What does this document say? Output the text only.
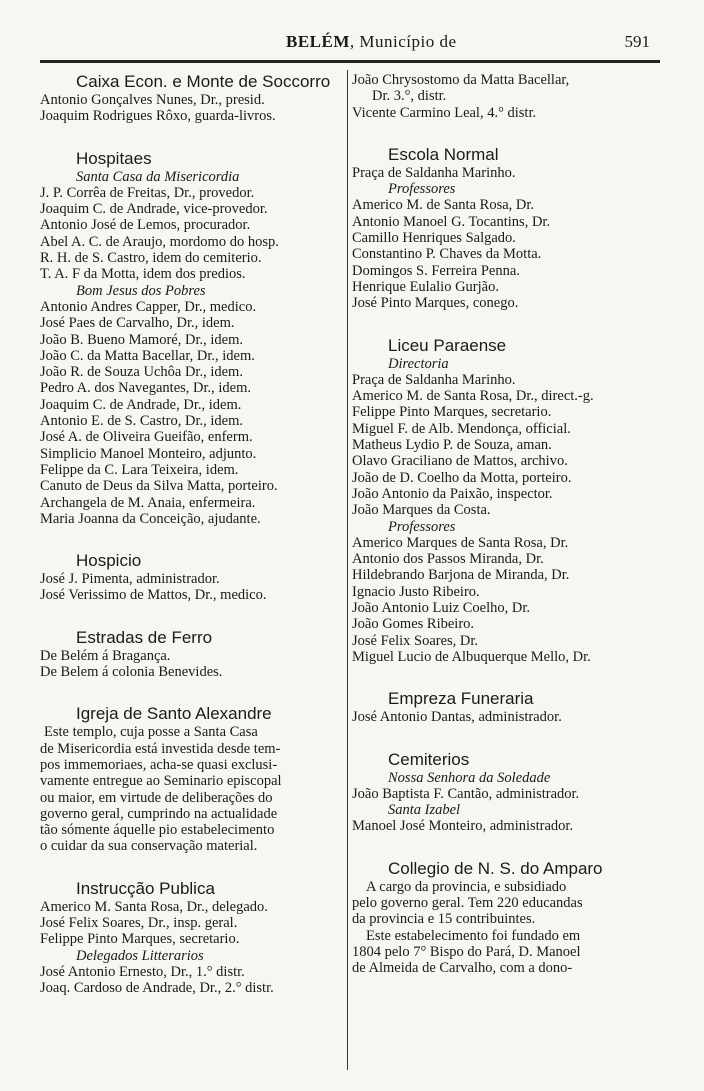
BELÉM, Município de	591
Caixa Econ. e Monte de Soccorro
Antonio Gonçalves Nunes, Dr., presid.
Joaquim Rodrigues Rôxo, guarda-livros.
Hospitaes
Santa Casa da Misericordia
J. P. Corrêa de Freitas, Dr., provedor.
Joaquim C. de Andrade, vice-provedor.
Antonio José de Lemos, procurador.
Abel A. C. de Araujo, mordomo do hosp.
R. H. de S. Castro, idem do cemiterio.
T. A. F da Motta, idem dos predios.
Bom Jesus dos Pobres
Antonio Andres Capper, Dr., medico.
José Paes de Carvalho, Dr., idem.
João B. Bueno Mamoré, Dr., idem.
João C. da Matta Bacellar, Dr., idem.
João R. de Souza Uchôa Dr., idem.
Pedro A. dos Navegantes, Dr., idem.
Joaquim C. de Andrade, Dr., idem.
Antonio E. de S. Castro, Dr., idem.
José A. de Oliveira Gueifão, enferm.
Simplicio Manoel Monteiro, adjunto.
Felippe da C. Lara Teixeira, idem.
Canuto de Deus da Silva Matta, porteiro.
Archangela de M. Anaia, enfermeira.
Maria Joanna da Conceição, ajudante.
Hospicio
José J. Pimenta, administrador.
José Verissimo de Mattos, Dr., medico.
Estradas de Ferro
De Belém á Bragança.
De Belem á colonia Benevides.
Igreja de Santo Alexandre
Este templo, cuja posse a Santa Casa
de Misericordia está investida desde tem-
pos immemoriaes, acha-se quasi exclusi-
vamente entregue ao Seminario episcopal
ou maior, em virtude de deliberações do
governo geral, cumprindo na actualidade
tão sómente áquelle pio estabelecimento
o cuidar da sua conservação material.
Instrucção Publica
Americo M. Santa Rosa, Dr., delegado.
José Felix Soares, Dr., insp. geral.
Felippe Pinto Marques, secretario.
Delegados Litterarios
José Antonio Ernesto, Dr., 1.° distr.
Joaq. Cardoso de Andrade, Dr., 2.° distr.
João Chrysostomo da Matta Bacellar,
Dr. 3.°, distr.
Vicente Carmino Leal, 4.° distr.
Escola Normal
Praça de Saldanha Marinho.
Professores
Americo M. de Santa Rosa, Dr.
Antonio Manoel G. Tocantins, Dr.
Camillo Henriques Salgado.
Constantino P. Chaves da Motta.
Domingos S. Ferreira Penna.
Henrique Eulalio Gurjão.
José Pinto Marques, conego.
Liceu Paraense
Directoria
Praça de Saldanha Marinho.
Americo M. de Santa Rosa, Dr., direct.-g.
Felippe Pinto Marques, secretario.
Miguel F. de Alb. Mendonça, official.
Matheus Lydio P. de Souza, aman.
Olavo Graciliano de Mattos, archivo.
João de D. Coelho da Motta, porteiro.
João Antonio da Paixão, inspector.
João Marques da Costa.
Professores
Americo Marques de Santa Rosa, Dr.
Antonio dos Passos Miranda, Dr.
Hildebrando Barjona de Miranda, Dr.
Ignacio Justo Ribeiro.
João Antonio Luiz Coelho, Dr.
João Gomes Ribeiro.
José Felix Soares, Dr.
Miguel Lucio de Albuquerque Mello, Dr.
Empreza Funeraria
José Antonio Dantas, administrador.
Cemiterios
Nossa Senhora da Soledade
João Baptista F. Cantão, administrador.
Santa Izabel
Manoel José Monteiro, administrador.
Collegio de N. S. do Amparo
A cargo da provincia, e subsidiado
pelo governo geral. Tem 220 educandas
da provincia e 15 contribuintes.
Este estabelecimento foi fundado em
1804 pelo 7° Bispo do Pará, D. Manoel
de Almeida de Carvalho, com a dono-
